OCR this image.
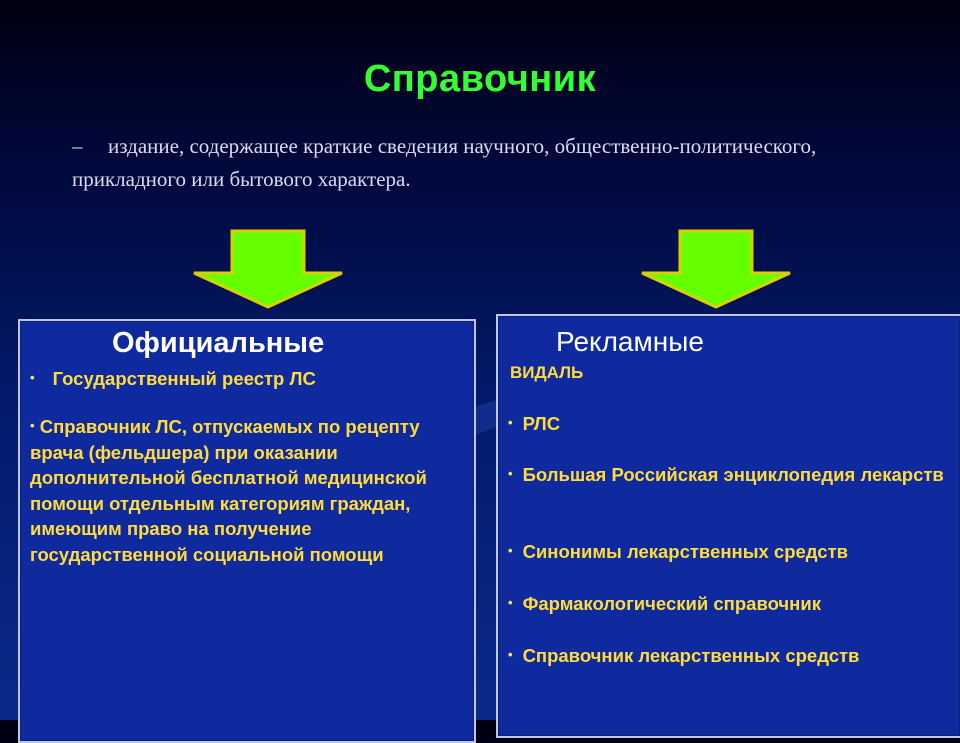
Справочник
– издание, содержащее краткие сведения научного, общественно-политического, прикладного или бытового характера.
Официальные
• Государственный реестр ЛС
• Справочник ЛС, отпускаемых по рецепту врача (фельдшера) при оказании дополнительной бесплатной медицинской помощи отдельным категориям граждан, имеющим право на получение государственной социальной помощи
Рекламные
ВИДАЛЬ
• РЛС
• Большая Российская энциклопедия лекарств
• Синонимы лекарственных средств
• Фармакологический справочник
• Справочник лекарственных средств
